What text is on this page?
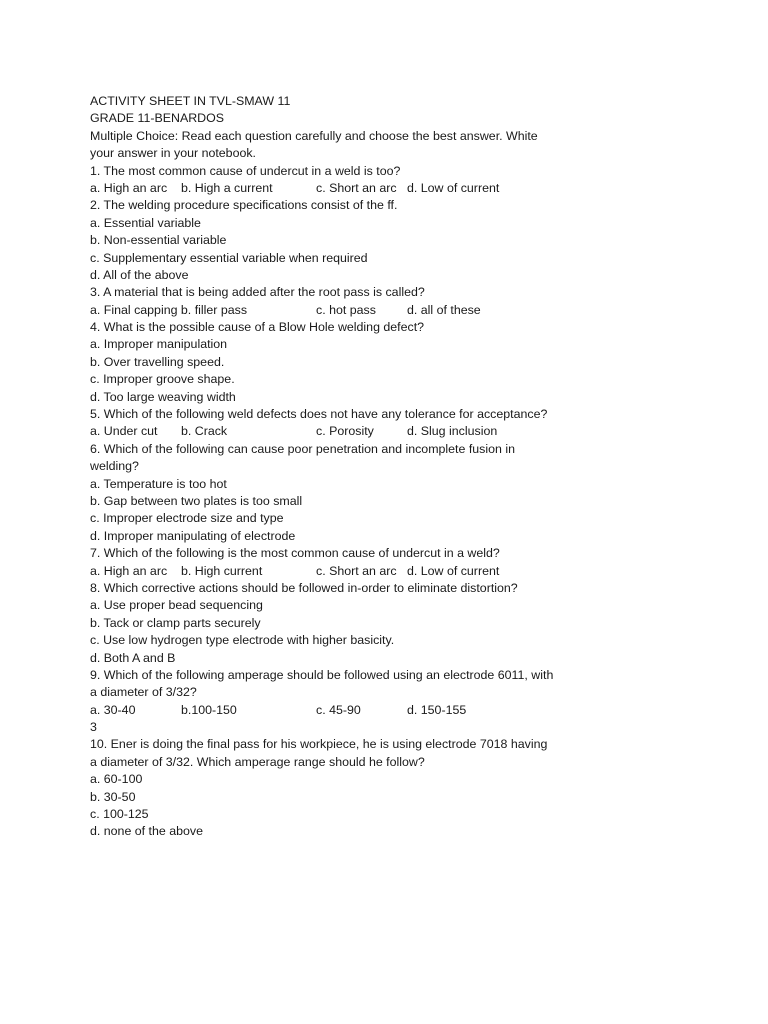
ACTIVITY SHEET IN TVL-SMAW 11
GRADE 11-BENARDOS
Multiple Choice: Read each question carefully and choose the best answer. White
your answer in your notebook.
1. The most common cause of undercut in a weld is too?
a. High an arc b. High a current	c. Short an arc d. Low of current
2. The welding procedure specifications consist of the ff.
a. Essential variable
b. Non-essential variable
c. Supplementary essential variable when required
d. All of the above
3. A material that is being added after the root pass is called?
a. Final capping b. filler pass	c. hot pass	d. all of these
4. What is the possible cause of a Blow Hole welding defect?
a. Improper manipulation
b. Over travelling speed.
c. Improper groove shape.
d. Too large weaving width
5. Which of the following weld defects does not have any tolerance for acceptance?
a. Under cut b. Crack	c. Porosity	d. Slug inclusion
6. Which of the following can cause poor penetration and incomplete fusion in
welding?
a. Temperature is too hot
b. Gap between two plates is too small
c. Improper electrode size and type
d. Improper manipulating of electrode
7. Which of the following is the most common cause of undercut in a weld?
a. High an arc b. High current	c. Short an arc d. Low of current
8. Which corrective actions should be followed in-order to eliminate distortion?
a. Use proper bead sequencing
b. Tack or clamp parts securely
c. Use low hydrogen type electrode with higher basicity.
d. Both A and B
9. Which of the following amperage should be followed using an electrode 6011, with
a diameter of 3/32?
a. 30-40	b.100-150	c. 45-90	d. 150-155
3
10. Ener is doing the final pass for his workpiece, he is using electrode 7018 having
a diameter of 3/32. Which amperage range should he follow?
a. 60-100
b. 30-50
c. 100-125
d. none of the above
